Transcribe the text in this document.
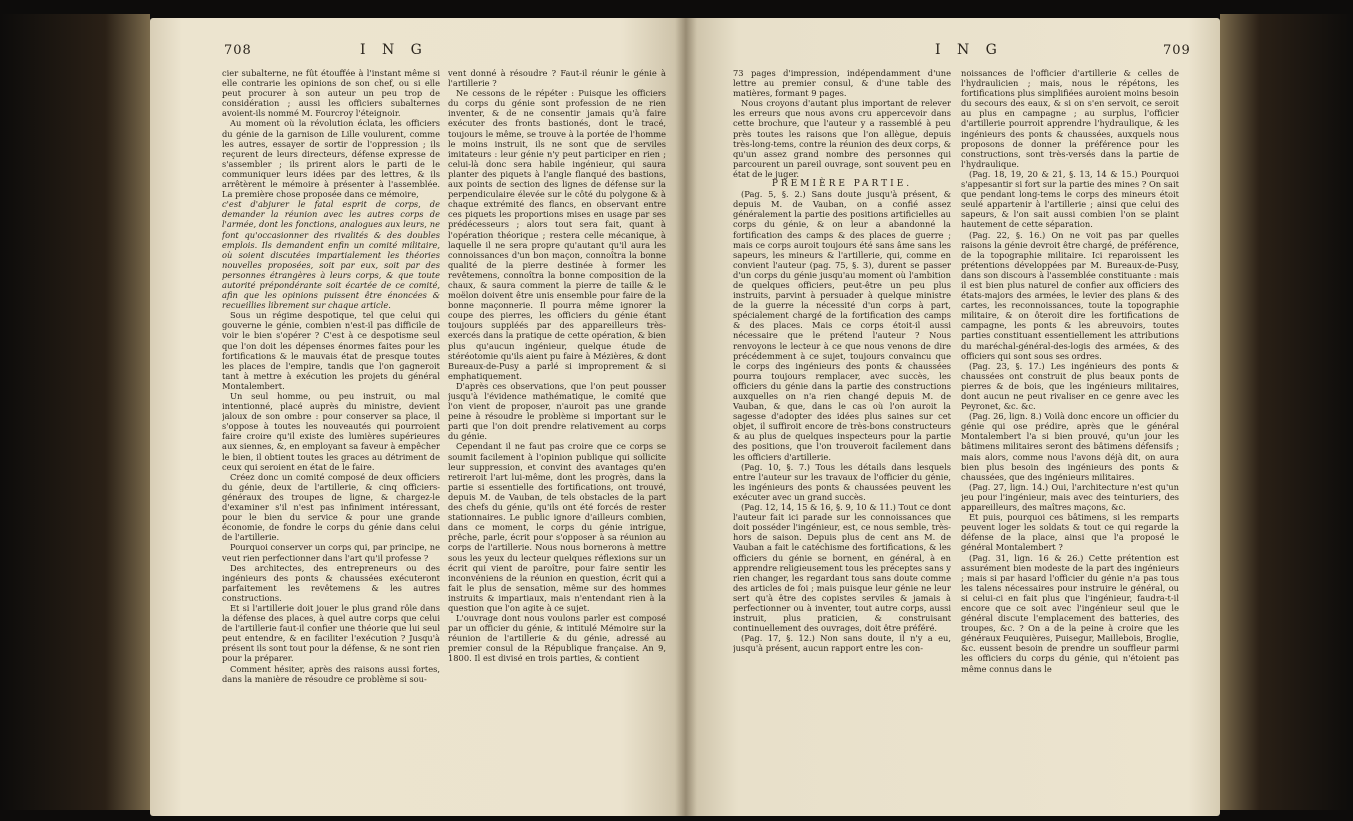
708	I N G

cier subalterne, ne fût étouffée à l'instant même si elle contrarie les opinions de son chef, ou si elle peut procurer à son auteur un peu trop de considération ; aussi les officiers subalternes avoient-ils nommé M. Fourcroy l'éteignoir.

Au moment où la révolution éclata, les officiers du génie de la garnison de Lille voulurent, comme les autres, essayer de sortir de l'oppression ; ils reçurent de leurs directeurs, défense expresse de s'assembler ; ils prirent alors le parti de le communiquer leurs idées par des lettres, & ils arrêtèrent le mémoire à présenter à l'assemblée. La première chose proposée dans ce mémoire,

c'est d'abjurer le fatal esprit de corps, de demander la réunion avec les autres corps de l'armée, dont les fonctions, analogues aux leurs, ne font qu'occasionner des rivalités & des doubles emplois. Ils demandent enfin un comité militaire, où soient discutées impartialement les théories nouvelles proposées, soit par eux, soit par des personnes étrangères à leurs corps, & que toute autorité prépondérante soit écartée de ce comité, afin que les opinions puissent être énoncées & recueillies librement sur chaque article.

Sous un régime despotique, tel que celui qui gouverne le génie, combien n'est-il pas difficile de voir le bien s'opérer ? C'est à ce despotisme seul que l'on doit les dépenses énormes faites pour les fortifications & le mauvais état de presque toutes les places de l'empire, tandis que l'on gagneroit tant à mettre à exécution les projets du général Montalembert.

Un seul homme, ou peu instruit, ou mal intentionné, placé auprès du ministre, devient jaloux de son ombre : pour conserver sa place, il s'oppose à toutes les nouveautés qui pourroient faire croire qu'il existe des lumières supérieures aux siennes, &, en employant sa faveur à empêcher le bien, il obtient toutes les graces au détriment de ceux qui seroient en état de le faire.

Créez donc un comité composé de deux officiers du génie, deux de l'artillerie, & cinq officiers-généraux des troupes de ligne, & chargez-le d'examiner s'il n'est pas infiniment intéressant, pour le bien du service & pour une grande économie, de fondre le corps du génie dans celui de l'artillerie.

Pourquoi conserver un corps qui, par principe, ne veut rien perfectionner dans l'art qu'il professe ?

Des architectes, des entrepreneurs ou des ingénieurs des ponts & chaussées exécuteront parfaitement les revêtemens & les autres constructions.

Et si l'artillerie doit jouer le plus grand rôle dans la défense des places, à quel autre corps que celui de l'artillerie faut-il confier une théorie que lui seul peut entendre, & en faciliter l'exécution ? Jusqu'à présent ils sont tout pour la défense, & ne sont rien pour la préparer.

Comment hésiter, après des raisons aussi fortes, dans la manière de résoudre ce problème si sou-

vent donné à résoudre ? Faut-il réunir le génie à l'artillerie ?

Ne cessons de le répéter : Puisque les officiers du corps du génie sont profession de ne rien inventer, & de ne consentir jamais qu'à faire exécuter des fronts bastionés, dont le tracé, toujours le même, se trouve à la portée de l'homme le moins instruit, ils ne sont que de serviles imitateurs : leur génie n'y peut participer en rien ; celui-là donc sera habile ingénieur, qui saura planter des piquets à l'angle flanqué des bastions, aux points de section des lignes de défense sur la perpendiculaire élevée sur le côté du polygone & à chaque extrémité des flancs, en observant entre ces piquets les proportions mises en usage par ses prédécesseurs ; alors tout sera fait, quant à l'opération théorique ; restera celle mécanique, à laquelle il ne sera propre qu'autant qu'il aura les connoissances d'un bon maçon, connoîtra la bonne qualité de la pierre destinée à former les revêtemens, connoîtra la bonne composition de la chaux, & saura comment la pierre de taille & le moëlon doivent être unis ensemble pour faire de la bonne maçonnerie. Il pourra même ignorer la coupe des pierres, les officiers du génie étant toujours suppléés par des appareilleurs très-exercés dans la pratique de cette opération, & bien plus qu'aucun ingénieur, quelque étude de stéréotomie qu'ils aient pu faire à Mézières, & dont Bureaux-de-Pusy a parlé si improprement & si emphatiquement.

D'après ces observations, que l'on peut pousser jusqu'à l'évidence mathématique, le comité que l'on vient de proposer, n'auroit pas une grande peine à résoudre le problème si important sur le parti que l'on doit prendre relativement au corps du génie.

Cependant il ne faut pas croire que ce corps se soumit facilement à l'opinion publique qui sollicite leur suppression, et convint des avantages qu'en retireroit l'art lui-même, dont les progrès, dans la partie si essentielle des fortifications, ont trouvé, depuis M. de Vauban, de tels obstacles de la part des chefs du génie, qu'ils ont été forcés de rester stationnaires. Le public ignore d'ailleurs combien, dans ce moment, le corps du génie intrigue, prêche, parle, écrit pour s'opposer à sa réunion au corps de l'artillerie. Nous nous bornerons à mettre sous les yeux du lecteur quelques réflexions sur un écrit qui vient de paroître, pour faire sentir les inconvéniens de la réunion en question, écrit qui a fait le plus de sensation, même sur des hommes instruits & impartiaux, mais n'entendant rien à la question que l'on agite à ce sujet.

L'ouvrage dont nous voulons parler est composé par un officier du génie, & intitulé Mémoire sur la réunion de l'artillerie & du génie, adressé au premier consul de la République française. An 9, 1800. Il est divisé en trois parties, & contient

I N G	709

73 pages d'impression, indépendamment d'une lettre au premier consul, & d'une table des matières, formant 9 pages.

Nous croyons d'autant plus important de relever les erreurs que nous avons cru appercevoir dans cette brochure, que l'auteur y a rassemblé à peu près toutes les raisons que l'on allègue, depuis très-long-tems, contre la réunion des deux corps, & qu'un assez grand nombre des personnes qui parcourent un pareil ouvrage, sont souvent peu en état de le juger.

PREMIÈRE PARTIE.

(Pag. 5, §. 2.) Sans doute jusqu'à présent, & depuis M. de Vauban, on a confié assez généralement la partie des positions artificielles au corps du génie, & on leur a abandonné la fortification des camps & des places de guerre ; mais ce corps auroit toujours été sans âme sans les sapeurs, les mineurs & l'artillerie, qui, comme en convient l'auteur (pag. 75, §. 3), durent se passer d'un corps du génie jusqu'au moment où l'ambition de quelques officiers, peut-être un peu plus instruits, parvint à persuader à quelque ministre de la guerre la nécessité d'un corps à part, spécialement chargé de la fortification des camps & des places. Mais ce corps étoit-il aussi nécessaire que le prétend l'auteur ? Nous renvoyons le lecteur à ce que nous venons de dire précédemment à ce sujet, toujours convaincu que le corps des ingénieurs des ponts & chaussées pourra toujours remplacer, avec succès, les officiers du génie dans la partie des constructions auxquelles on n'a rien changé depuis M. de Vauban, & que, dans le cas où l'on auroit la sagesse d'adopter des idées plus saines sur cet objet, il suffiroit encore de très-bons constructeurs & au plus de quelques inspecteurs pour la partie des positions, que l'on trouveroit facilement dans les officiers d'artillerie.

(Pag. 10, §. 7.) Tous les détails dans lesquels entre l'auteur sur les travaux de l'officier du génie, les ingénieurs des ponts & chaussées peuvent les exécuter avec un grand succès.

(Pag. 12, 14, 15 & 16, §. 9, 10 & 11.) Tout ce dont l'auteur fait ici parade sur les connoissances que doit posséder l'ingénieur, est, ce nous semble, très-hors de saison. Depuis plus de cent ans M. de Vauban a fait le catéchisme des fortifications, & les officiers du génie se bornent, en général, à en apprendre religieusement tous les préceptes sans y rien changer, les regardant tous sans doute comme des articles de foi ; mais puisque leur génie ne leur sert qu'à être des copistes serviles & jamais à perfectionner ou à inventer, tout autre corps, aussi instruit, plus praticien, & construisant continuellement des ouvrages, doit être préféré.

(Pag. 17, §. 12.) Non sans doute, il n'y a eu, jusqu'à présent, aucun rapport entre les con-

noissances de l'officier d'artillerie & celles de l'hydraulicien ; mais, nous le répétons, les fortifications plus simplifiées auroient moins besoin du secours des eaux, & si on s'en servoit, ce seroit au plus en campagne ; au surplus, l'officier d'artillerie pourroit apprendre l'hydraulique, & les ingénieurs des ponts & chaussées, auxquels nous proposons de donner la préférence pour les constructions, sont très-versés dans la partie de l'hydraulique.

(Pag. 18, 19, 20 & 21, §. 13, 14 & 15.) Pourquoi s'appesantir si fort sur la partie des mines ? On sait que pendant long-tems le corps des mineurs étoit seulé appartenir à l'artillerie ; ainsi que celui des sapeurs, & l'on sait aussi combien l'on se plaint hautement de cette séparation.

(Pag. 22, §. 16.) On ne voit pas par quelles raisons la génie devroit être chargé, de préférence, de la topographie militaire. Ici reparoissent les prétentions développées par M. Bureaux-de-Pusy, dans son discours à l'assemblée constituante : mais il est bien plus naturel de confier aux officiers des états-majors des armées, le levier des plans & des cartes, les reconnoissances, toute la topographie militaire, & on ôteroit dire les fortifications de campagne, les ponts & les abreuvoirs, toutes parties constituant essentiellement les attributions du maréchal-général-des-logis des armées, & des officiers qui sont sous ses ordres.

(Pag. 23, §. 17.) Les ingénieurs des ponts & chaussées ont construit de plus beaux ponts de pierres & de bois, que les ingénieurs militaires, dont aucun ne peut rivaliser en ce genre avec les Peyronet, &c. &c.

(Pag. 26, lign. 8.) Voilà donc encore un officier du génie qui ose prédire, après que le général Montalembert l'a si bien prouvé, qu'un jour les bâtimens militaires seront des bâtimens défensifs ; mais alors, comme nous l'avons déjà dit, on aura bien plus besoin des ingénieurs des ponts & chaussées, que des ingénieurs militaires.

(Pag. 27, lign. 14.) Oui, l'architecture n'est qu'un jeu pour l'ingénieur, mais avec des teinturiers, des appareilleurs, des maîtres maçons, &c.

Et puis, pourquoi ces bâtimens, si les remparts peuvent loger les soldats & tout ce qui regarde la défense de la place, ainsi que l'a proposé le général Montalembert ?

(Pag. 31, lign. 16 & 26.) Cette prétention est assurément bien modeste de la part des ingénieurs ; mais si par hasard l'officier du génie n'a pas tous les talens nécessaires pour instruire le général, ou si celui-ci en fait plus que l'ingénieur, faudra-t-il encore que ce soit avec l'ingénieur seul que le général discute l'emplacement des batteries, des troupes, &c. ? On a de la peine à croire que les généraux Feuquières, Puisegur, Maillebois, Broglie, &c. eussent besoin de prendre un souffleur parmi les officiers du corps du génie, qui n'étoient pas même connus dans le
